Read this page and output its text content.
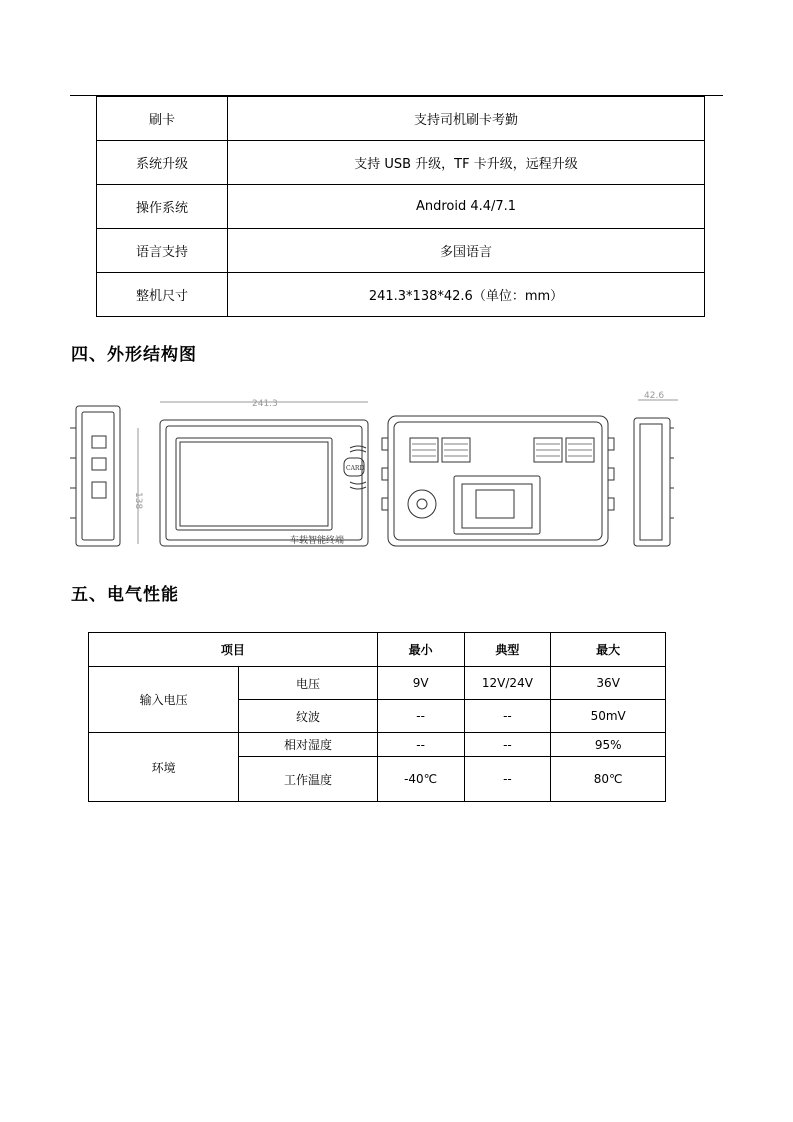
刷卡	支持司机刷卡考勤
系统升级	支持 USB 升级，TF 卡升级，远程升级
操作系统	Android 4.4/7.1
语言支持	多国语言
整机尺寸	241.3*138*42.6（单位：mm）
四、外形结构图
241.3
138
42.6
CARD
车载智能终端
五、电气性能
项目		最小	典型	最大
输入电压	电压	9V	12V/24V	36V
	纹波	--	--	50mV
环境	相对湿度	--	--	95%
	工作温度	-40℃	--	80℃
